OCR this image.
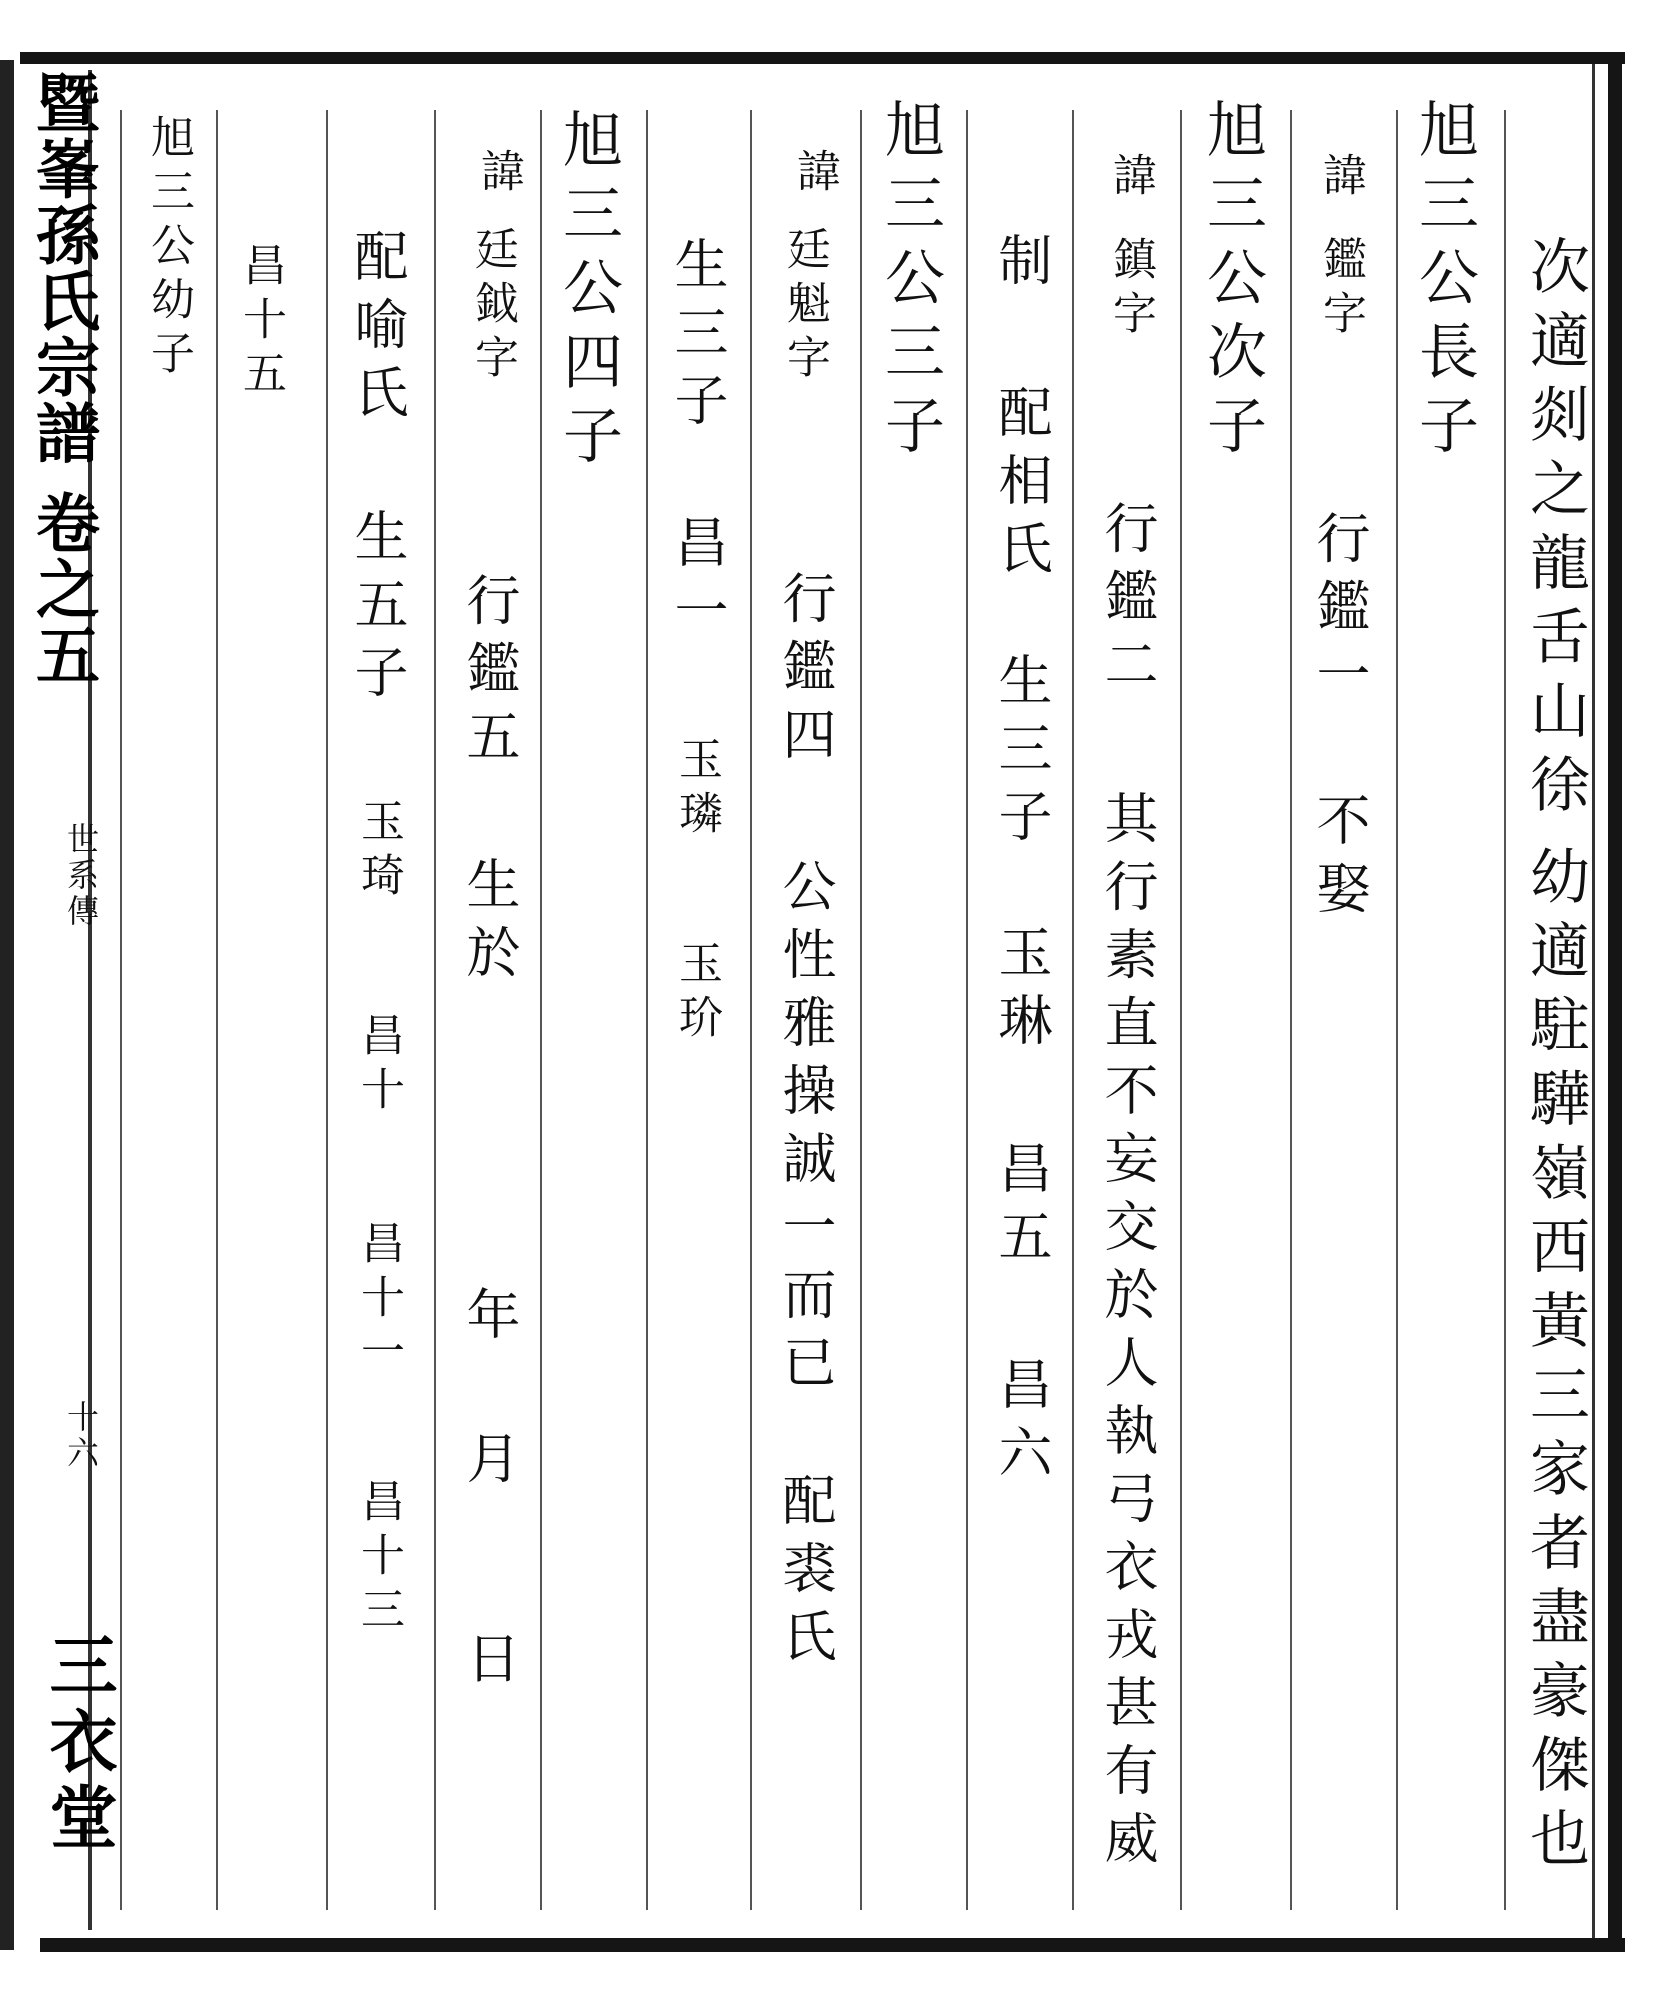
暨峯孫氏宗譜卷之五
世系傳
十六
三衣堂
次適剡之龍舌山徐
幼適駐驊嶺西黃三家者盡豪傑也
旭三公長子
諱
鑑字
行鑑一
不娶
旭三公次子
諱
鎮字
行鑑二
其行素直不妄交於人執弓衣戎甚有威
制
配相氏
生三子
玉琳
昌五
昌六
旭三公三子
諱
廷魁字
行鑑四
公性雅操誠一而已
配裘氏
生三子
昌一
玉璘
玉玠
旭三公四子
諱
廷鉞字
行鑑五
生於
年
月
日
配喻氏
生五子
玉琦
昌十
昌十一
昌十三
昌十五
旭三公幼子
